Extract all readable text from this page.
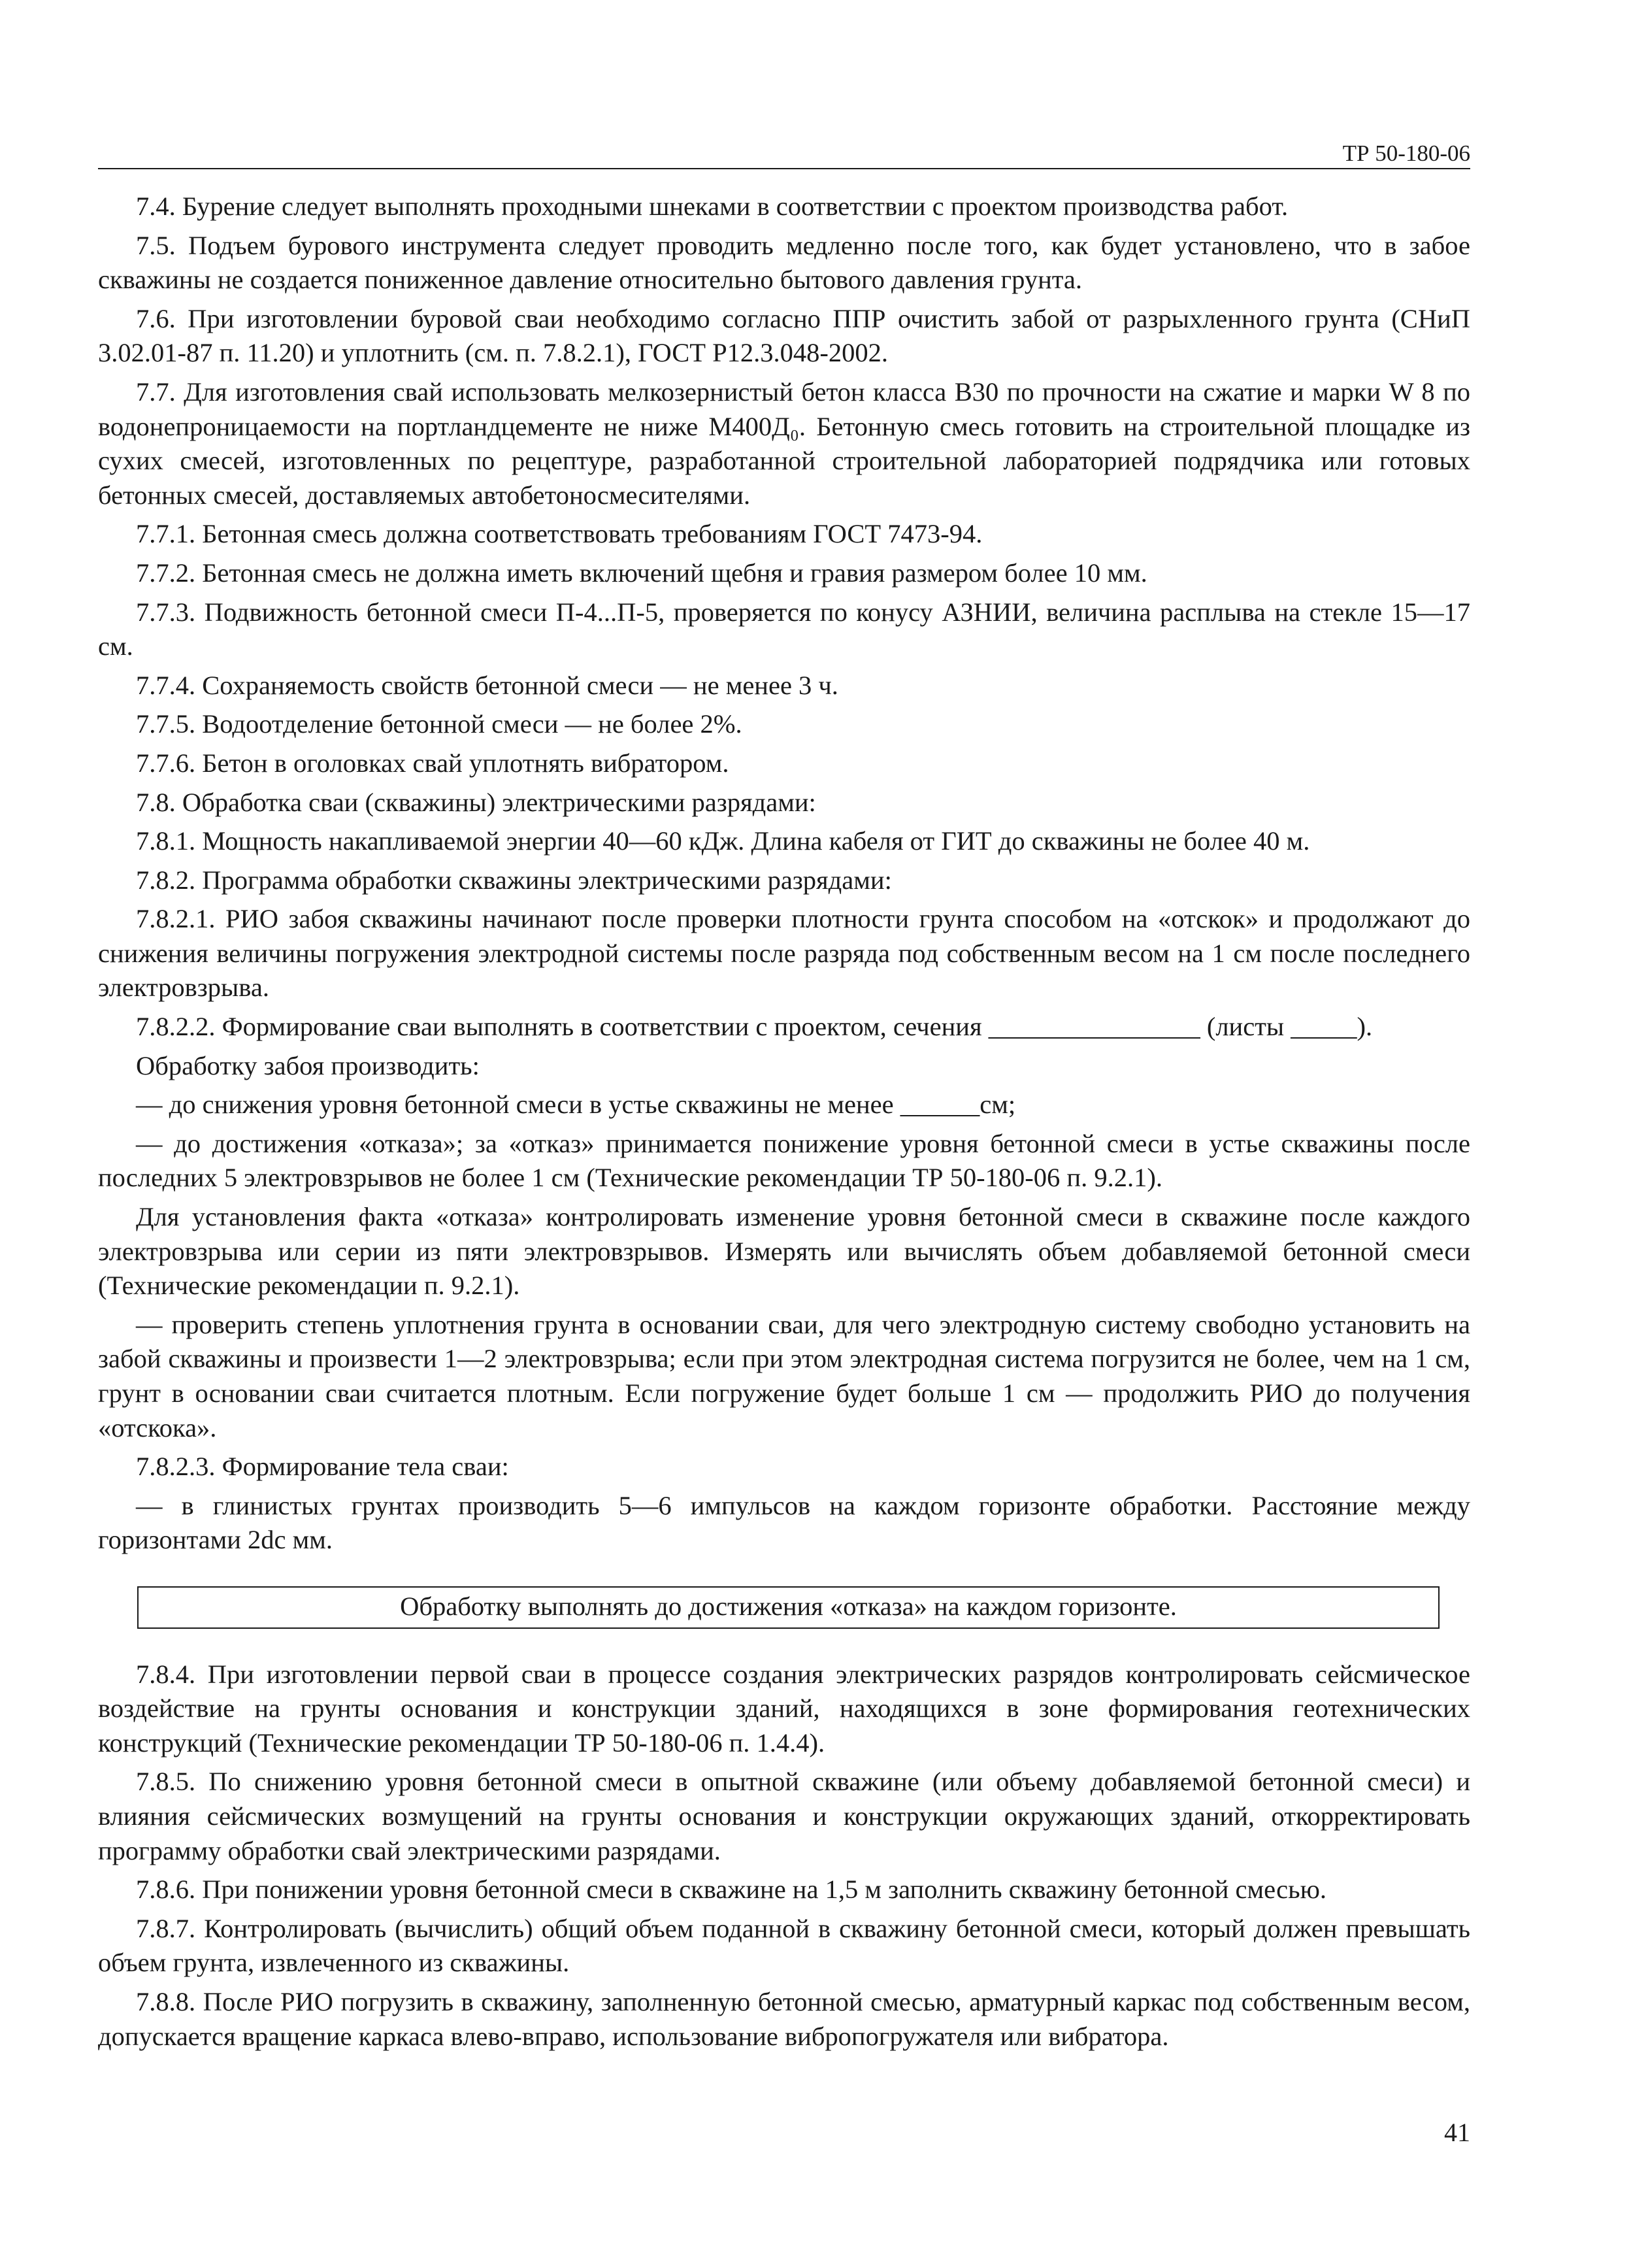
ТР 50-180-06

7.4. Бурение следует выполнять проходными шнеками в соответствии с проектом производства работ.

7.5. Подъем бурового инструмента следует проводить медленно после того, как будет установлено, что в забое скважины не создается пониженное давление относительно бытового давления грунта.

7.6. При изготовлении буровой сваи необходимо согласно ППР очистить забой от разрыхленного грунта (СНиП 3.02.01-87 п. 11.20) и уплотнить (см. п. 7.8.2.1), ГОСТ Р12.3.048-2002.

7.7. Для изготовления свай использовать мелкозернистый бетон класса В30 по прочности на сжатие и марки W 8 по водонепроницаемости на портландцементе не ниже М400Д₀. Бетонную смесь готовить на строительной площадке из сухих смесей, изготовленных по рецептуре, разработанной строительной лабораторией подрядчика или готовых бетонных смесей, доставляемых автобетоносмесителями.

7.7.1. Бетонная смесь должна соответствовать требованиям ГОСТ 7473-94.

7.7.2. Бетонная смесь не должна иметь включений щебня и гравия размером более 10 мм.

7.7.3. Подвижность бетонной смеси П-4...П-5, проверяется по конусу АЗНИИ, величина расплыва на стекле 15—17 см.

7.7.4. Сохраняемость свойств бетонной смеси — не менее 3 ч.

7.7.5. Водоотделение бетонной смеси — не более 2%.

7.7.6. Бетон в оголовках свай уплотнять вибратором.

7.8. Обработка сваи (скважины) электрическими разрядами:

7.8.1. Мощность накапливаемой энергии 40—60 кДж. Длина кабеля от ГИТ до скважины не более 40 м.

7.8.2. Программа обработки скважины электрическими разрядами:

7.8.2.1. РИО забоя скважины начинают после проверки плотности грунта способом на «отскок» и продолжают до снижения величины погружения электродной системы после разряда под собственным весом на 1 см после последнего электровзрыва.

7.8.2.2. Формирование сваи выполнять в соответствии с проектом, сечения ________________ (листы _____).

Обработку забоя производить:

— до снижения уровня бетонной смеси в устье скважины не менее ______см;

— до достижения «отказа»; за «отказ» принимается понижение уровня бетонной смеси в устье скважины после последних 5 электровзрывов не более 1 см (Технические рекомендации ТР 50-180-06 п. 9.2.1).

Для установления факта «отказа» контролировать изменение уровня бетонной смеси в скважине после каждого электровзрыва или серии из пяти электровзрывов. Измерять или вычислять объем добавляемой бетонной смеси (Технические рекомендации п. 9.2.1).

— проверить степень уплотнения грунта в основании сваи, для чего электродную систему свободно установить на забой скважины и произвести 1—2 электровзрыва; если при этом электродная система погрузится не более, чем на 1 см, грунт в основании сваи считается плотным. Если погружение будет больше 1 см — продолжить РИО до получения «отскока».

7.8.2.3. Формирование тела сваи:

— в глинистых грунтах производить 5—6 импульсов на каждом горизонте обработки. Расстояние между горизонтами 2dc мм.

Обработку выполнять до достижения «отказа» на каждом горизонте.

7.8.4. При изготовлении первой сваи в процессе создания электрических разрядов контролировать сейсмическое воздействие на грунты основания и конструкции зданий, находящихся в зоне формирования геотехнических конструкций (Технические рекомендации ТР 50-180-06 п. 1.4.4).

7.8.5. По снижению уровня бетонной смеси в опытной скважине (или объему добавляемой бетонной смеси) и влияния сейсмических возмущений на грунты основания и конструкции окружающих зданий, откорректировать программу обработки свай электрическими разрядами.

7.8.6. При понижении уровня бетонной смеси в скважине на 1,5 м заполнить скважину бетонной смесью.

7.8.7. Контролировать (вычислить) общий объем поданной в скважину бетонной смеси, который должен превышать объем грунта, извлеченного из скважины.

7.8.8. После РИО погрузить в скважину, заполненную бетонной смесью, арматурный каркас под собственным весом, допускается вращение каркаса влево-вправо, использование вибропогружателя или вибратора.

41
